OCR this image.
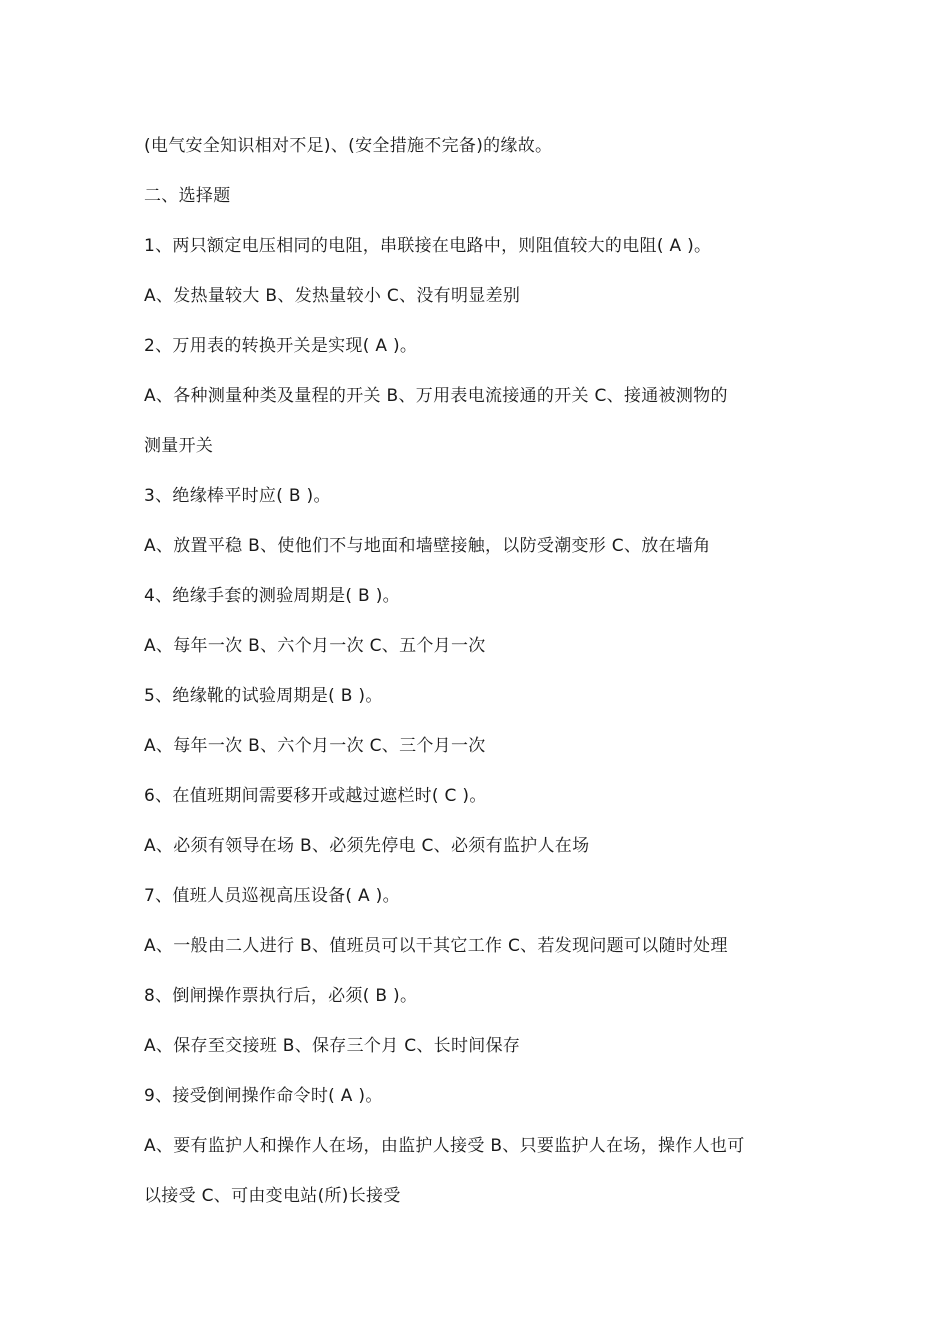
(电气安全知识相对不足)、(安全措施不完备)的缘故。
二、选择题
1、两只额定电压相同的电阻，串联接在电路中，则阻值较大的电阻( A )。
A、发热量较大 B、发热量较小 C、没有明显差别
2、万用表的转换开关是实现( A )。
A、各种测量种类及量程的开关 B、万用表电流接通的开关 C、接通被测物的
测量开关
3、绝缘棒平时应( B )。
A、放置平稳 B、使他们不与地面和墙壁接触，以防受潮变形 C、放在墙角
4、绝缘手套的测验周期是( B )。
A、每年一次 B、六个月一次 C、五个月一次
5、绝缘靴的试验周期是( B )。
A、每年一次 B、六个月一次 C、三个月一次
6、在值班期间需要移开或越过遮栏时( C )。
A、必须有领导在场 B、必须先停电 C、必须有监护人在场
7、值班人员巡视高压设备( A )。
A、一般由二人进行 B、值班员可以干其它工作 C、若发现问题可以随时处理
8、倒闸操作票执行后，必须( B )。
A、保存至交接班 B、保存三个月 C、长时间保存
9、接受倒闸操作命令时( A )。
A、要有监护人和操作人在场，由监护人接受 B、只要监护人在场，操作人也可
以接受 C、可由变电站(所)长接受
